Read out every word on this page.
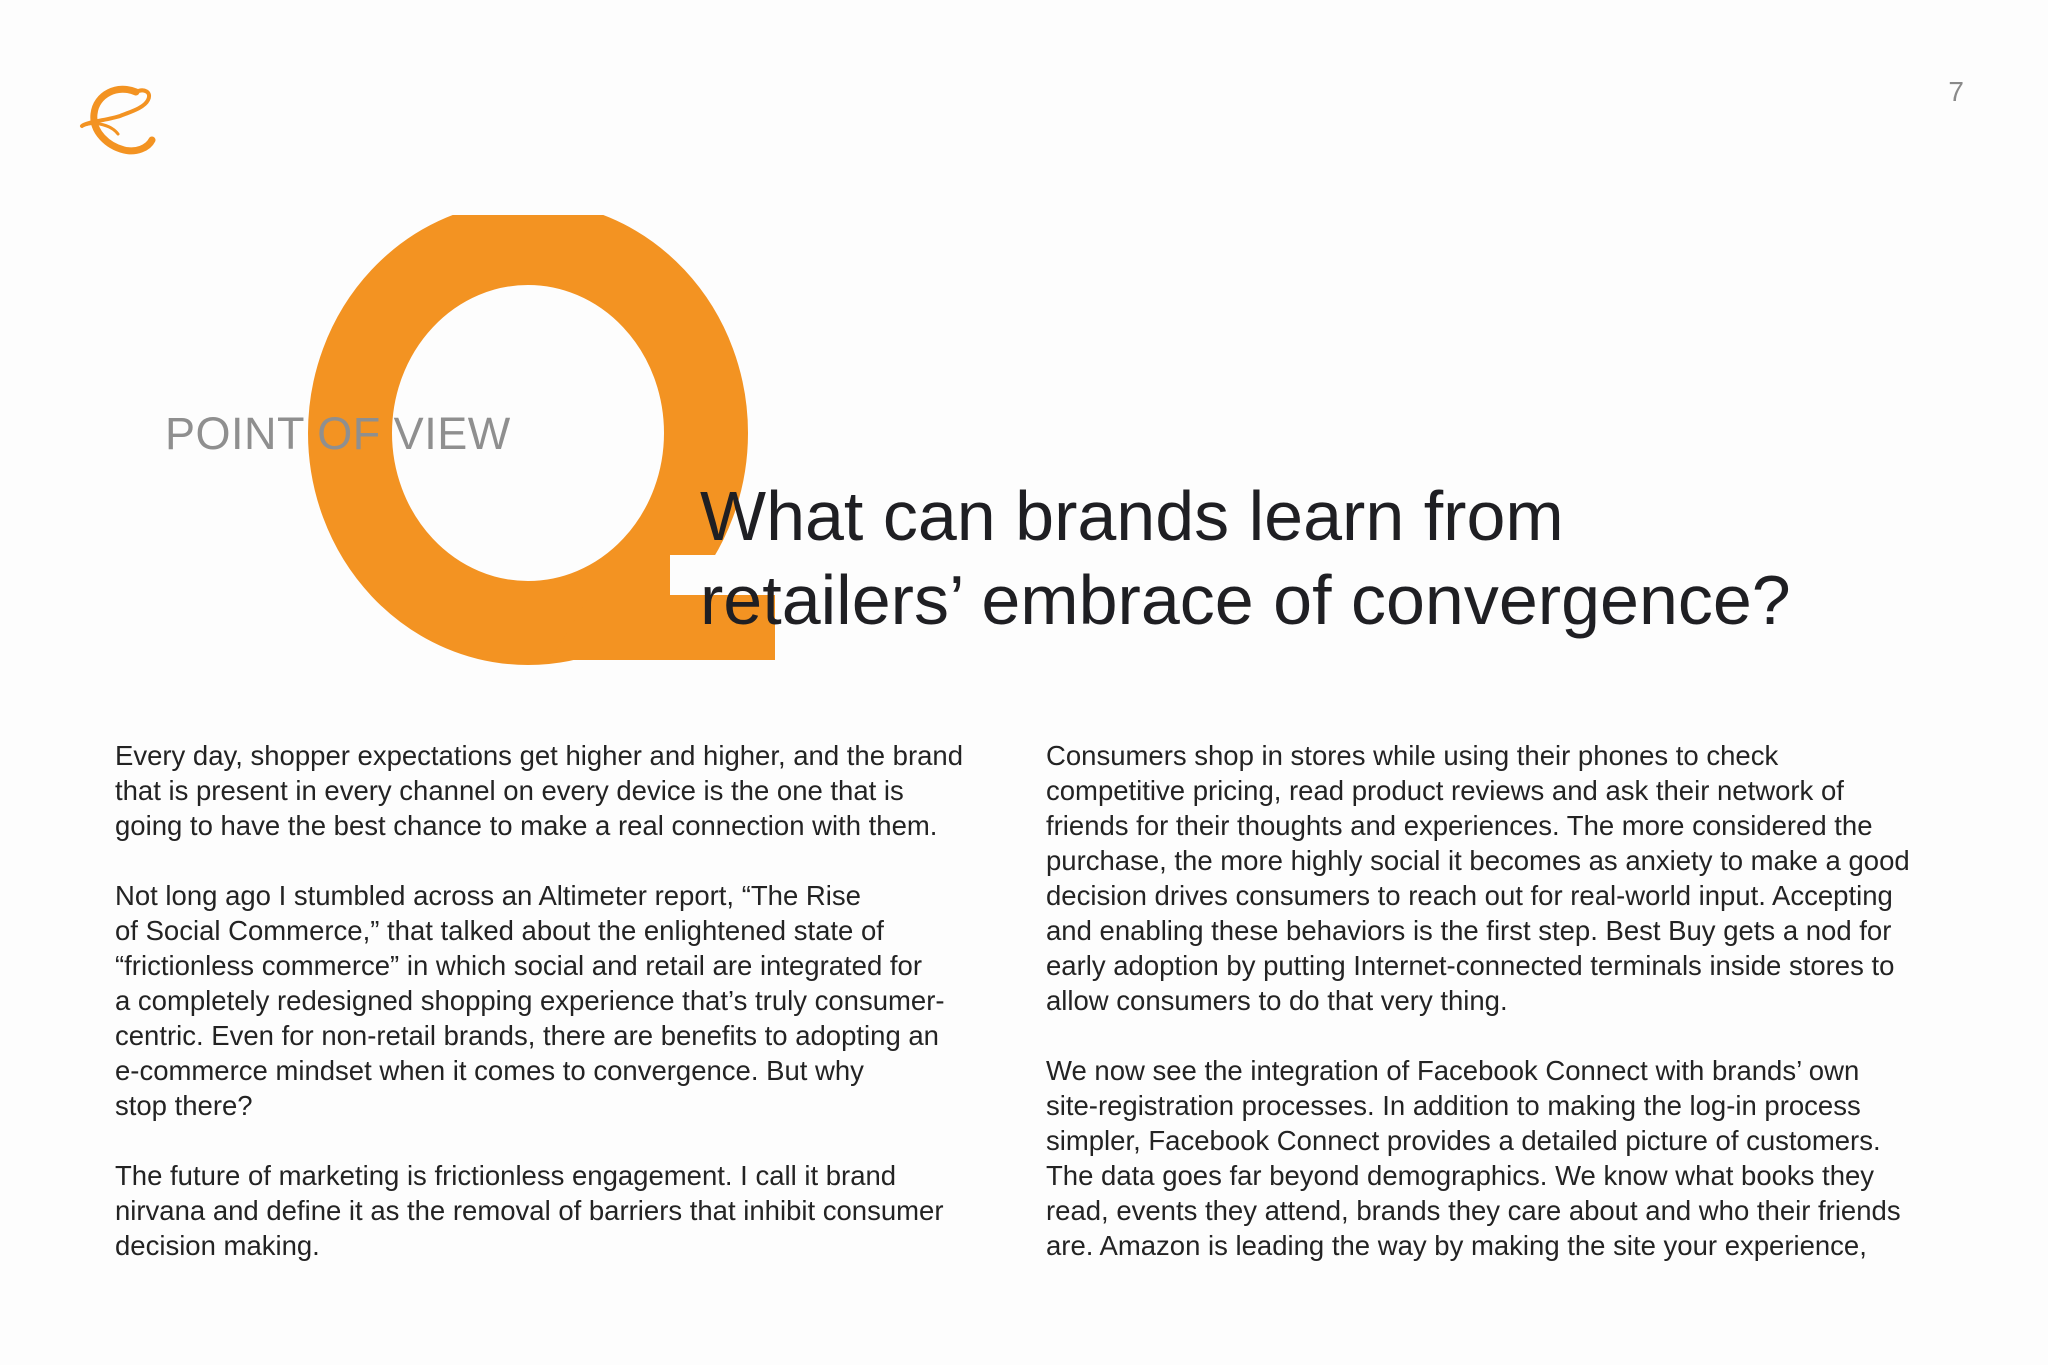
7
POINT OF VIEW
What can brands learn from
retailers’ embrace of convergence?

Every day, shopper expectations get higher and higher, and the brand
that is present in every channel on every device is the one that is
going to have the best chance to make a real connection with them.

Not long ago I stumbled across an Altimeter report, “The Rise
of Social Commerce,” that talked about the enlightened state of
“frictionless commerce” in which social and retail are integrated for
a completely redesigned shopping experience that’s truly consumer-
centric. Even for non-retail brands, there are benefits to adopting an
e-commerce mindset when it comes to convergence. But why
stop there?

The future of marketing is frictionless engagement. I call it brand
nirvana and define it as the removal of barriers that inhibit consumer
decision making.

Consumers shop in stores while using their phones to check
competitive pricing, read product reviews and ask their network of
friends for their thoughts and experiences. The more considered the
purchase, the more highly social it becomes as anxiety to make a good
decision drives consumers to reach out for real-world input. Accepting
and enabling these behaviors is the first step. Best Buy gets a nod for
early adoption by putting Internet-connected terminals inside stores to
allow consumers to do that very thing.

We now see the integration of Facebook Connect with brands’ own
site-registration processes. In addition to making the log-in process
simpler, Facebook Connect provides a detailed picture of customers.
The data goes far beyond demographics. We know what books they
read, events they attend, brands they care about and who their friends
are. Amazon is leading the way by making the site your experience,
